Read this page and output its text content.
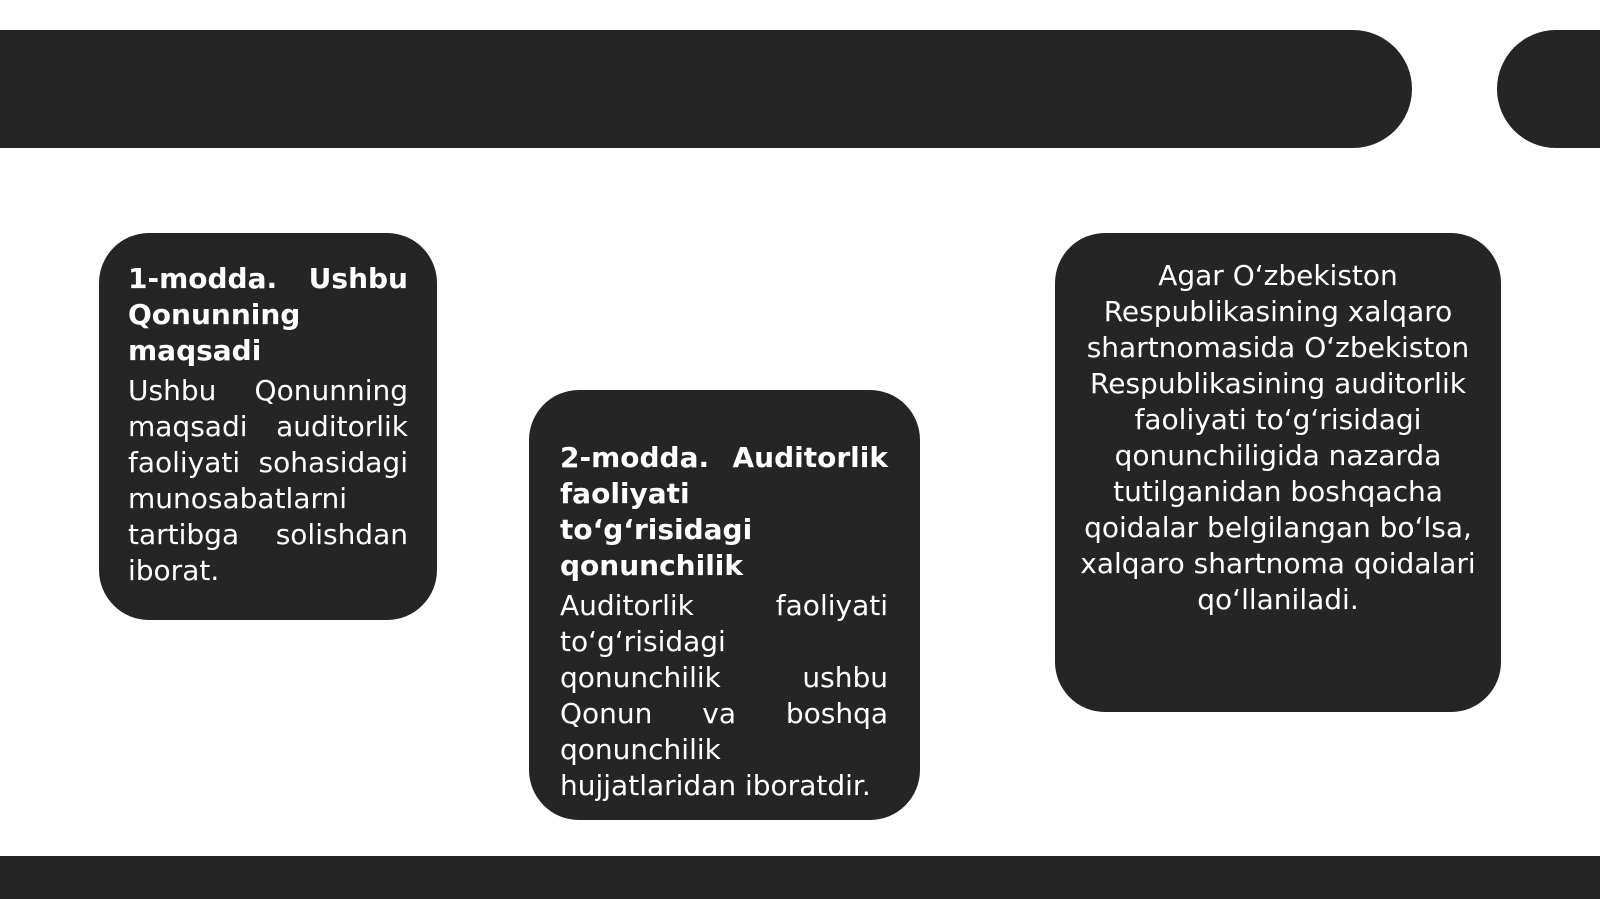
1-modda. Ushbu Qonunning maqsadi

Ushbu Qonunning maqsadi auditorlik faoliyati sohasidagi munosabatlarni tartibga solishdan iborat.

2-modda. Auditorlik faoliyati to‘g‘risidagi qonunchilik

Auditorlik faoliyati to‘g‘risidagi qonunchilik ushbu Qonun va boshqa qonunchilik hujjatlaridan iboratdir.

Agar O‘zbekiston Respublikasining xalqaro shartnomasida O‘zbekiston Respublikasining auditorlik faoliyati to‘g‘risidagi qonunchiligida nazarda tutilganidan boshqacha qoidalar belgilangan bo‘lsa, xalqaro shartnoma qoidalari qo‘llaniladi.
